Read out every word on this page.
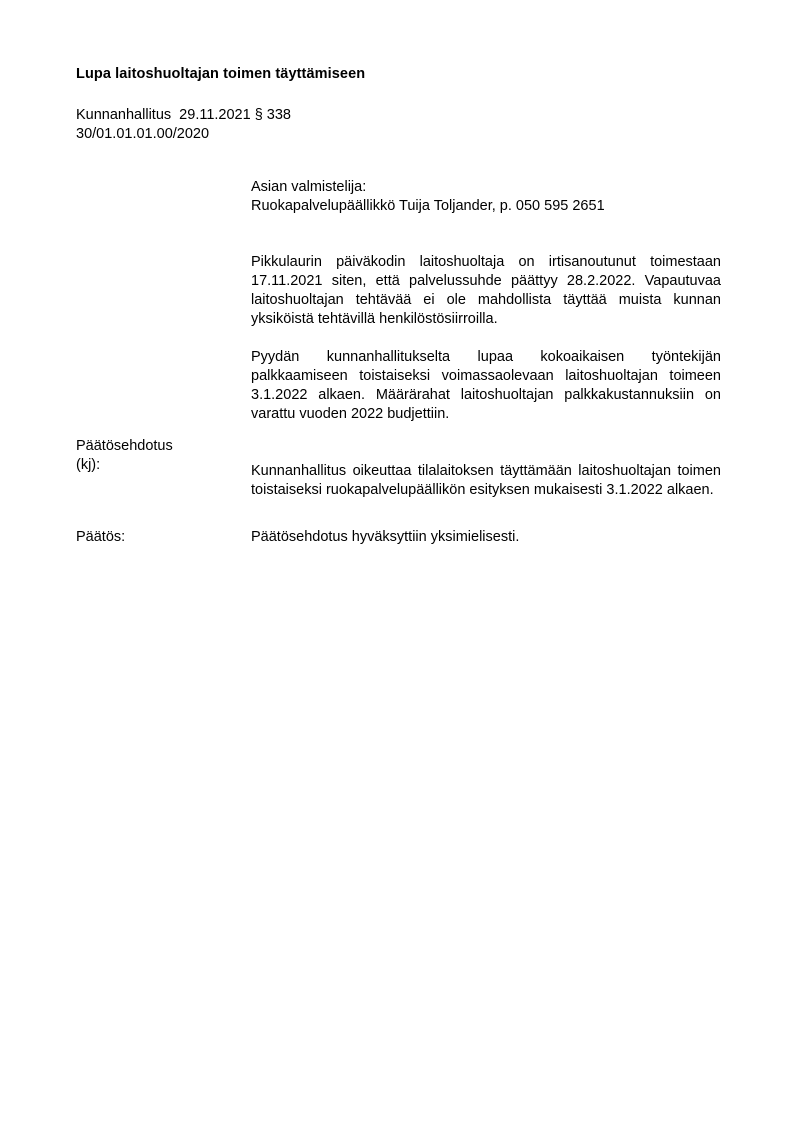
Lupa laitoshuoltajan toimen täyttämiseen
Kunnanhallitus  29.11.2021 § 338
30/01.01.01.00/2020

Asian valmistelija:

Ruokapalvelupäällikkö Tuija Toljander, p. 050 595 2651

Pikkulaurin päiväkodin laitoshuoltaja on irtisanoutunut toimestaan 17.11.2021 siten, että palvelussuhde päättyy 28.2.2022. Vapautuvaa laitoshuoltajan tehtävää ei ole mahdollista täyttää muista kunnan yksiköistä tehtävillä henkilöstösiirroilla.

Pyydän kunnanhallitukselta lupaa kokoaikaisen työntekijän palkkaamiseen toistaiseksi voimassaolevaan laitoshuoltajan toimeen 3.1.2022 alkaen. Määrärahat laitoshuoltajan palkkakustannuksiin on varattu vuoden 2022 budjettiin.

Päätösehdotus
(kj):	Kunnanhallitus oikeuttaa tilalaitoksen täyttämään laitoshuoltajan toimen toistaiseksi ruokapalvelupäällikön esityksen mukaisesti 3.1.2022 alkaen.

Päätös:	Päätösehdotus hyväksyttiin yksimielisesti.
